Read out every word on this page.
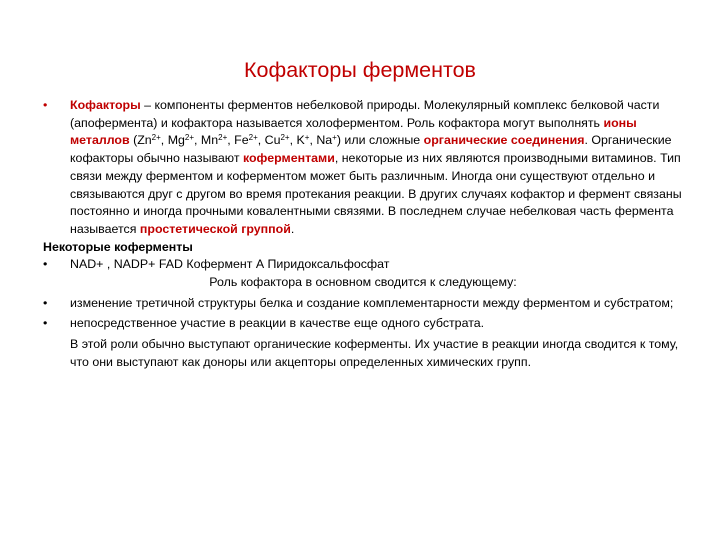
Кофакторы ферментов
•	Кофакторы – компоненты ферментов небелковой природы. Молекулярный комплекс белковой части (апофермента) и кофактора называется холоферментом. Роль кофактора могут выполнять ионы металлов ($Zn^{2+}$, $Mg^{2+}$, $Mn^{2+}$, $Fe^{2+}$, $Cu^{2+}$, K+, Na+) или сложные органические соединения. Органические кофакторы обычно называют коферментами, некоторые из них являются производными витаминов. Тип связи между ферментом и коферментом может быть различным. Иногда они существуют отдельно и связываются друг с другом во время протекания реакции. В других случаях кофактор и фермент связаны постоянно и иногда прочными ковалентными связями. В последнем случае небелковая часть фермента называется простетической группой.
Некоторые коферменты
•	NAD+ , NADP+ FAD Кофермент А Пиридоксальфосфат
Роль кофактора в основном сводится к следующему:
•	изменение третичной структуры белка и создание комплементарности между ферментом и субстратом;
•	непосредственное участие в реакции в качестве еще одного субстрата.
В этой роли обычно выступают органические коферменты. Их участие в реакции иногда сводится к тому, что они выступают как доноры или акцепторы определенных химических групп.
